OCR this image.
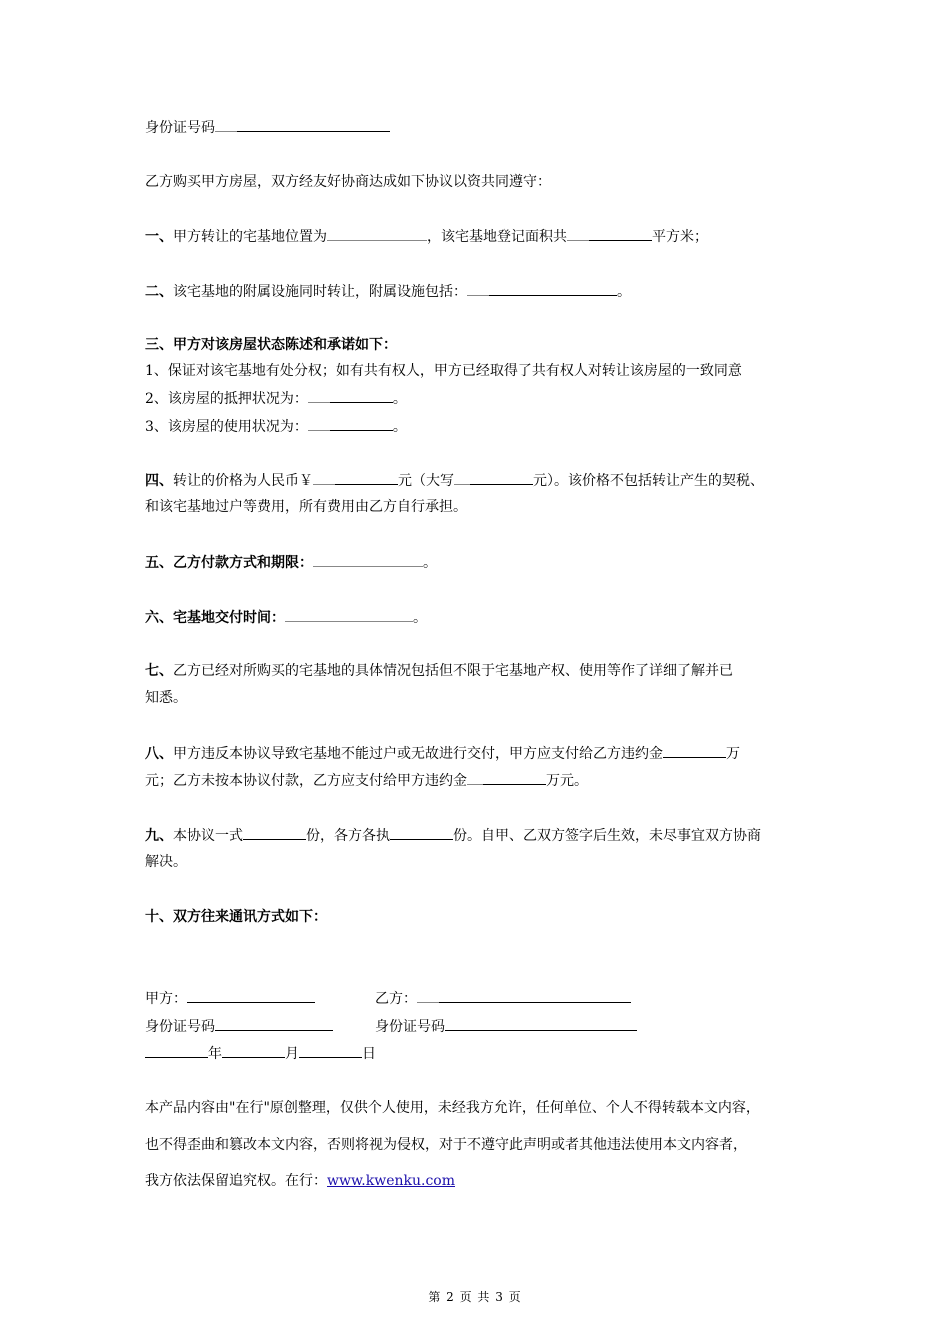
身份证号码
乙方购买甲方房屋，双方经友好协商达成如下协议以资共同遵守：
一、甲方转让的宅基地位置为	，该宅基地登记面积共	平方米；
二、该宅基地的附属设施同时转让，附属设施包括：	。
三、甲方对该房屋状态陈述和承诺如下：
1、保证对该宅基地有处分权；如有共有权人，甲方已经取得了共有权人对转让该房屋的一致同意
2、该房屋的抵押状况为：	。
3、该房屋的使用状况为：	。
四、转让的价格为人民币￥	元（大写	元）。该价格不包括转让产生的契税、
和该宅基地过户等费用，所有费用由乙方自行承担。
五、乙方付款方式和期限：	。
六、宅基地交付时间：	。
七、乙方已经对所购买的宅基地的具体情况包括但不限于宅基地产权、使用等作了详细了解并已
知悉。
八、甲方违反本协议导致宅基地不能过户或无故进行交付，甲方应支付给乙方违约金	万
元；乙方未按本协议付款，乙方应支付给甲方违约金	万元。
九、本协议一式	份，各方各执	份。自甲、乙双方签字后生效，未尽事宜双方协商
解决。
十、双方往来通讯方式如下：
甲方：	乙方：
身份证号码	身份证号码
年	月	日
本产品内容由"在行"原创整理，仅供个人使用，未经我方允许，任何单位、个人不得转载本文内容，
也不得歪曲和篡改本文内容，否则将视为侵权，对于不遵守此声明或者其他违法使用本文内容者，
我方依法保留追究权。在行：www.kwenku.com
第 2 页 共 3 页
